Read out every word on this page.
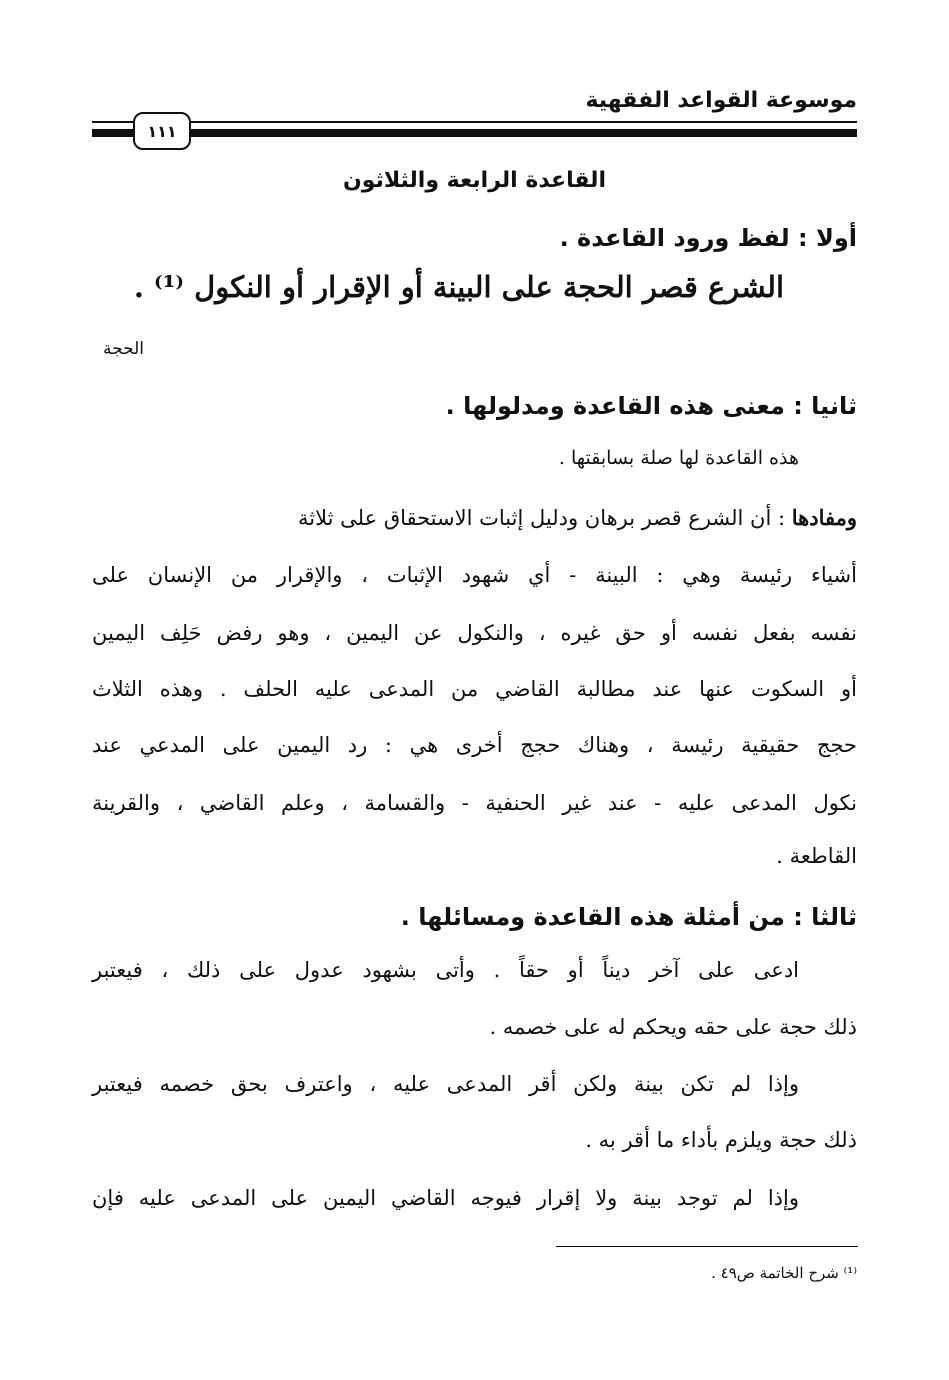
موسوعة القواعد الفقهية
١١١
القاعدة الرابعة والثلاثون
أولا : لفظ ورود القاعدة .
الشرع قصر الحجة على البينة أو الإقرار أو النكول ⁽¹⁾ .
الحجة
ثانيا : معنى هذه القاعدة ومدلولها .
هذه القاعدة لها صلة بسابقتها .
ومفادها : أن الشرع قصر برهان ودليل إثبات الاستحقاق على ثلاثة
أشياء رئيسة وهي : البينة - أي شهود الإثبات ، والإقرار من الإنسان على
نفسه بفعل نفسه أو حق غيره ، والنكول عن اليمين ، وهو رفض حَلِف اليمين
أو السكوت عنها عند مطالبة القاضي من المدعى عليه الحلف . وهذه الثلاث
حجج حقيقية رئيسة ، وهناك حجج أخرى هي : رد اليمين على المدعي عند
نكول المدعى عليه - عند غير الحنفية - والقسامة ، وعلم القاضي ، والقرينة
القاطعة .
ثالثا : من أمثلة هذه القاعدة ومسائلها .
ادعى على آخر ديناً أو حقاً . وأتى بشهود عدول على ذلك ، فيعتبر
ذلك حجة على حقه ويحكم له على خصمه .
وإذا لم تكن بينة ولكن أقر المدعى عليه ، واعترف بحق خصمه فيعتبر
ذلك حجة ويلزم بأداء ما أقر به .
وإذا لم توجد بينة ولا إقرار فيوجه القاضي اليمين على المدعى عليه فإن
⁽¹⁾ شرح الخاتمة ص٤٩ .
